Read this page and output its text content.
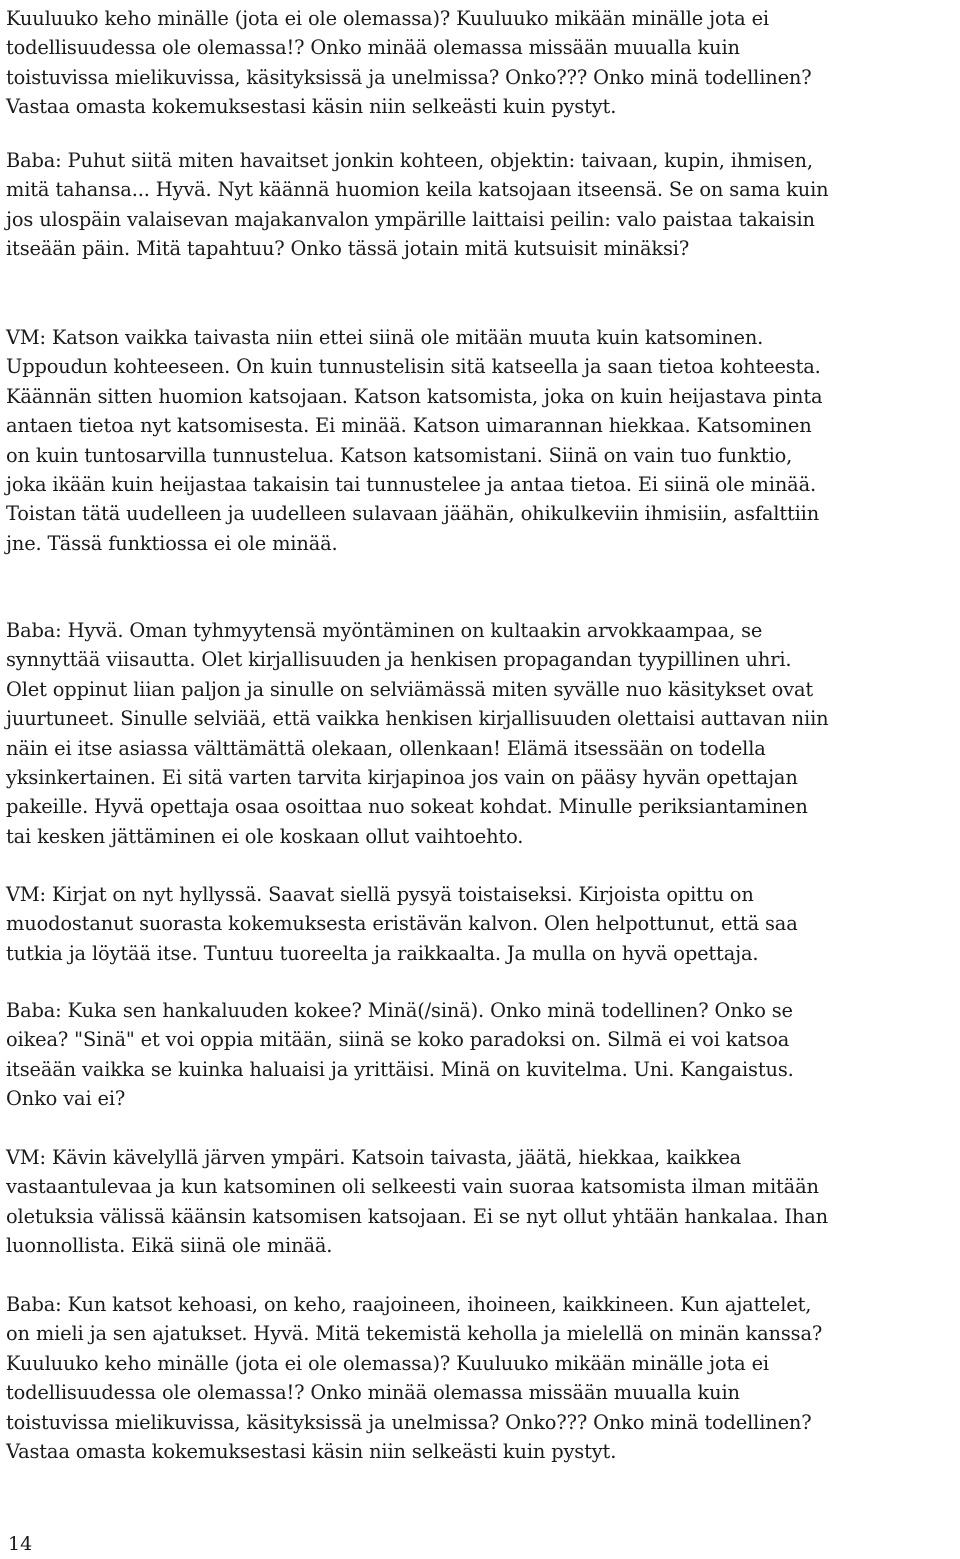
Kuuluuko keho minälle (jota ei ole olemassa)? Kuuluuko mikään minälle jota ei
todellisuudessa ole olemassa!? Onko minää olemassa missään muualla kuin
toistuvissa mielikuvissa, käsityksissä ja unelmissa? Onko??? Onko minä todellinen?
Vastaa omasta kokemuksestasi käsin niin selkeästi kuin pystyt.
Baba: Puhut siitä miten havaitset jonkin kohteen, objektin: taivaan, kupin, ihmisen,
mitä tahansa... Hyvä. Nyt käännä huomion keila katsojaan itseensä. Se on sama kuin
jos ulospäin valaisevan majakanvalon ympärille laittaisi peilin: valo paistaa takaisin
itseään päin. Mitä tapahtuu? Onko tässä jotain mitä kutsuisit minäksi?
VM: Katson vaikka taivasta niin ettei siinä ole mitään muuta kuin katsominen.
Uppoudun kohteeseen. On kuin tunnustelisin sitä katseella ja saan tietoa kohteesta.
Käännän sitten huomion katsojaan. Katson katsomista, joka on kuin heijastava pinta
antaen tietoa nyt katsomisesta. Ei minää. Katson uimarannan hiekkaa. Katsominen
on kuin tuntosarvilla tunnustelua. Katson katsomistani. Siinä on vain tuo funktio,
joka ikään kuin heijastaa takaisin tai tunnustelee ja antaa tietoa. Ei siinä ole minää.
Toistan tätä uudelleen ja uudelleen sulavaan jäähän, ohikulkeviin ihmisiin, asfalttiin
jne. Tässä funktiossa ei ole minää.
Baba: Hyvä. Oman tyhmyytensä myöntäminen on kultaakin arvokkaampaa, se
synnyttää viisautta. Olet kirjallisuuden ja henkisen propagandan tyypillinen uhri.
Olet oppinut liian paljon ja sinulle on selviämässä miten syvälle nuo käsitykset ovat
juurtuneet. Sinulle selviää, että vaikka henkisen kirjallisuuden olettaisi auttavan niin
näin ei itse asiassa välttämättä olekaan, ollenkaan! Elämä itsessään on todella
yksinkertainen. Ei sitä varten tarvita kirjapinoa jos vain on pääsy hyvän opettajan
pakeille. Hyvä opettaja osaa osoittaa nuo sokeat kohdat. Minulle periksiantaminen
tai kesken jättäminen ei ole koskaan ollut vaihtoehto.
VM: Kirjat on nyt hyllyssä. Saavat siellä pysyä toistaiseksi. Kirjoista opittu on
muodostanut suorasta kokemuksesta eristävän kalvon. Olen helpottunut, että saa
tutkia ja löytää itse. Tuntuu tuoreelta ja raikkaalta. Ja mulla on hyvä opettaja.
Baba: Kuka sen hankaluuden kokee? Minä(/sinä). Onko minä todellinen? Onko se
oikea? "Sinä" et voi oppia mitään, siinä se koko paradoksi on. Silmä ei voi katsoa
itseään vaikka se kuinka haluaisi ja yrittäisi. Minä on kuvitelma. Uni. Kangaistus.
Onko vai ei?
VM: Kävin kävelyllä järven ympäri. Katsoin taivasta, jäätä, hiekkaa, kaikkea
vastaantulevaa ja kun katsominen oli selkeesti vain suoraa katsomista ilman mitään
oletuksia välissä käänsin katsomisen katsojaan. Ei se nyt ollut yhtään hankalaa. Ihan
luonnollista. Eikä siinä ole minää.
Baba: Kun katsot kehoasi, on keho, raajoineen, ihoineen, kaikkineen. Kun ajattelet,
on mieli ja sen ajatukset. Hyvä. Mitä tekemistä keholla ja mielellä on minän kanssa?
Kuuluuko keho minälle (jota ei ole olemassa)? Kuuluuko mikään minälle jota ei
todellisuudessa ole olemassa!? Onko minää olemassa missään muualla kuin
toistuvissa mielikuvissa, käsityksissä ja unelmissa? Onko??? Onko minä todellinen?
Vastaa omasta kokemuksestasi käsin niin selkeästi kuin pystyt.
14
